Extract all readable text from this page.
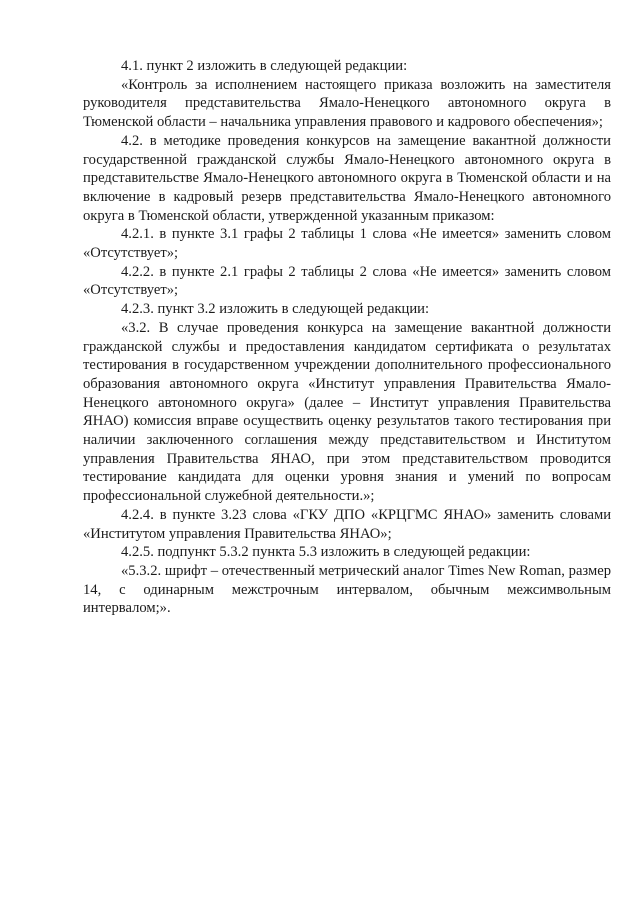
4.1. пункт 2 изложить в следующей редакции:

«Контроль за исполнением настоящего приказа возложить на заместителя руководителя представительства Ямало-Ненецкого автономного округа в Тюменской области – начальника управления правового и кадрового обеспечения»;

4.2. в методике проведения конкурсов на замещение вакантной должности государственной гражданской службы Ямало-Ненецкого автономного округа в представительстве Ямало-Ненецкого автономного округа в Тюменской области и на включение в кадровый резерв представительства Ямало-Ненецкого автономного округа в Тюменской области, утвержденной указанным приказом:

4.2.1. в пункте 3.1 графы 2 таблицы 1 слова «Не имеется» заменить словом «Отсутствует»;

4.2.2. в пункте 2.1 графы 2 таблицы 2 слова «Не имеется» заменить словом «Отсутствует»;

4.2.3. пункт 3.2 изложить в следующей редакции:

«3.2. В случае проведения конкурса на замещение вакантной должности гражданской службы и предоставления кандидатом сертификата о результатах тестирования в государственном учреждении дополнительного профессионального образования автономного округа «Институт управления Правительства Ямало-Ненецкого автономного округа» (далее – Институт управления Правительства ЯНАО) комиссия вправе осуществить оценку результатов такого тестирования при наличии заключенного соглашения между представительством и Институтом управления Правительства ЯНАО, при этом представительством проводится тестирование кандидата для оценки уровня знания и умений по вопросам профессиональной служебной деятельности.»;

4.2.4. в пункте 3.23 слова «ГКУ ДПО «КРЦГМС ЯНАО» заменить словами «Институтом управления Правительства ЯНАО»;

4.2.5. подпункт 5.3.2 пункта 5.3 изложить в следующей редакции:

«5.3.2. шрифт – отечественный метрический аналог Times New Roman, размер 14, с одинарным межстрочным интервалом, обычным межсимвольным интервалом;».
